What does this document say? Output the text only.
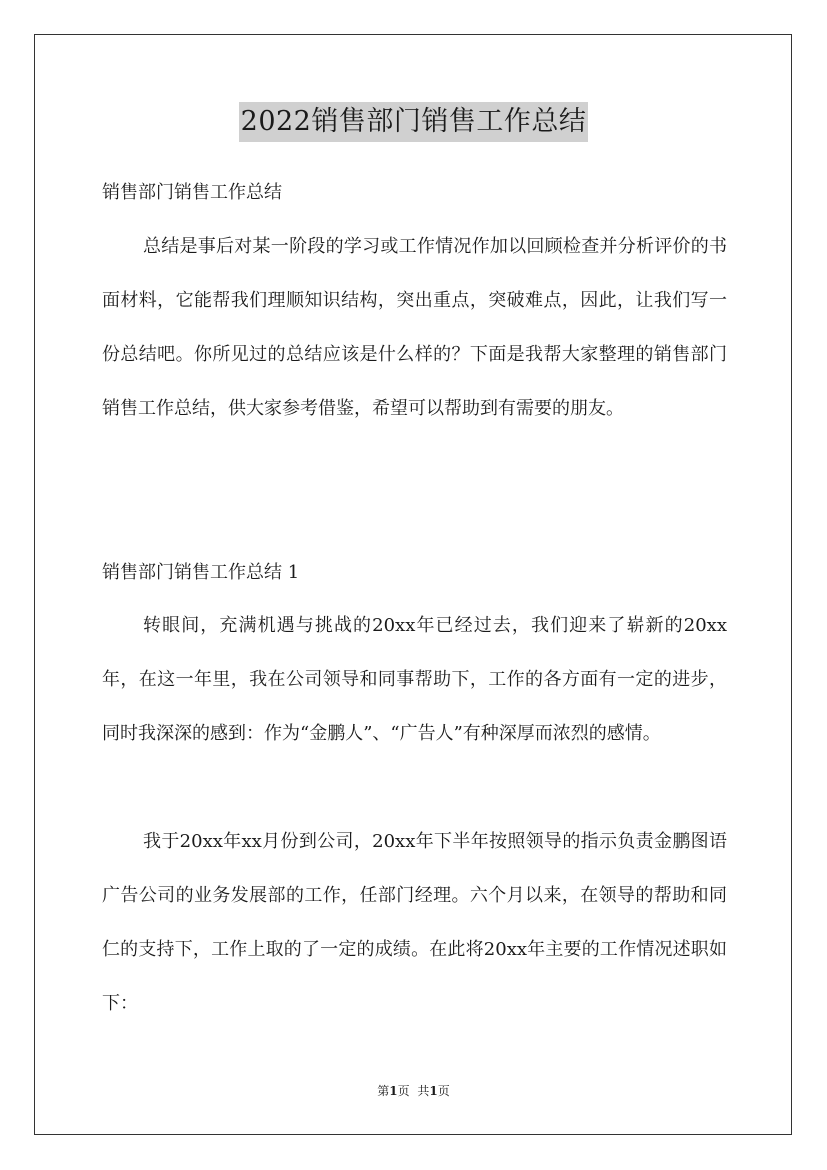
2022销售部门销售工作总结
销售部门销售工作总结

总结是事后对某一阶段的学习或工作情况作加以回顾检查并分析评价的书面材料，它能帮我们理顺知识结构，突出重点，突破难点，因此，让我们写一份总结吧。你所见过的总结应该是什么样的？下面是我帮大家整理的销售部门销售工作总结，供大家参考借鉴，希望可以帮助到有需要的朋友。

销售部门销售工作总结 1

转眼间，充满机遇与挑战的20xx年已经过去，我们迎来了崭新的20xx年，在这一年里，我在公司领导和同事帮助下，工作的各方面有一定的进步，同时我深深的感到：作为“金鹏人”、“广告人”有种深厚而浓烈的感情。

我于20xx年xx月份到公司，20xx年下半年按照领导的指示负责金鹏图语广告公司的业务发展部的工作，任部门经理。六个月以来，在领导的帮助和同仁的支持下，工作上取的了一定的成绩。在此将20xx年主要的工作情况述职如下：

第1页 共1页
